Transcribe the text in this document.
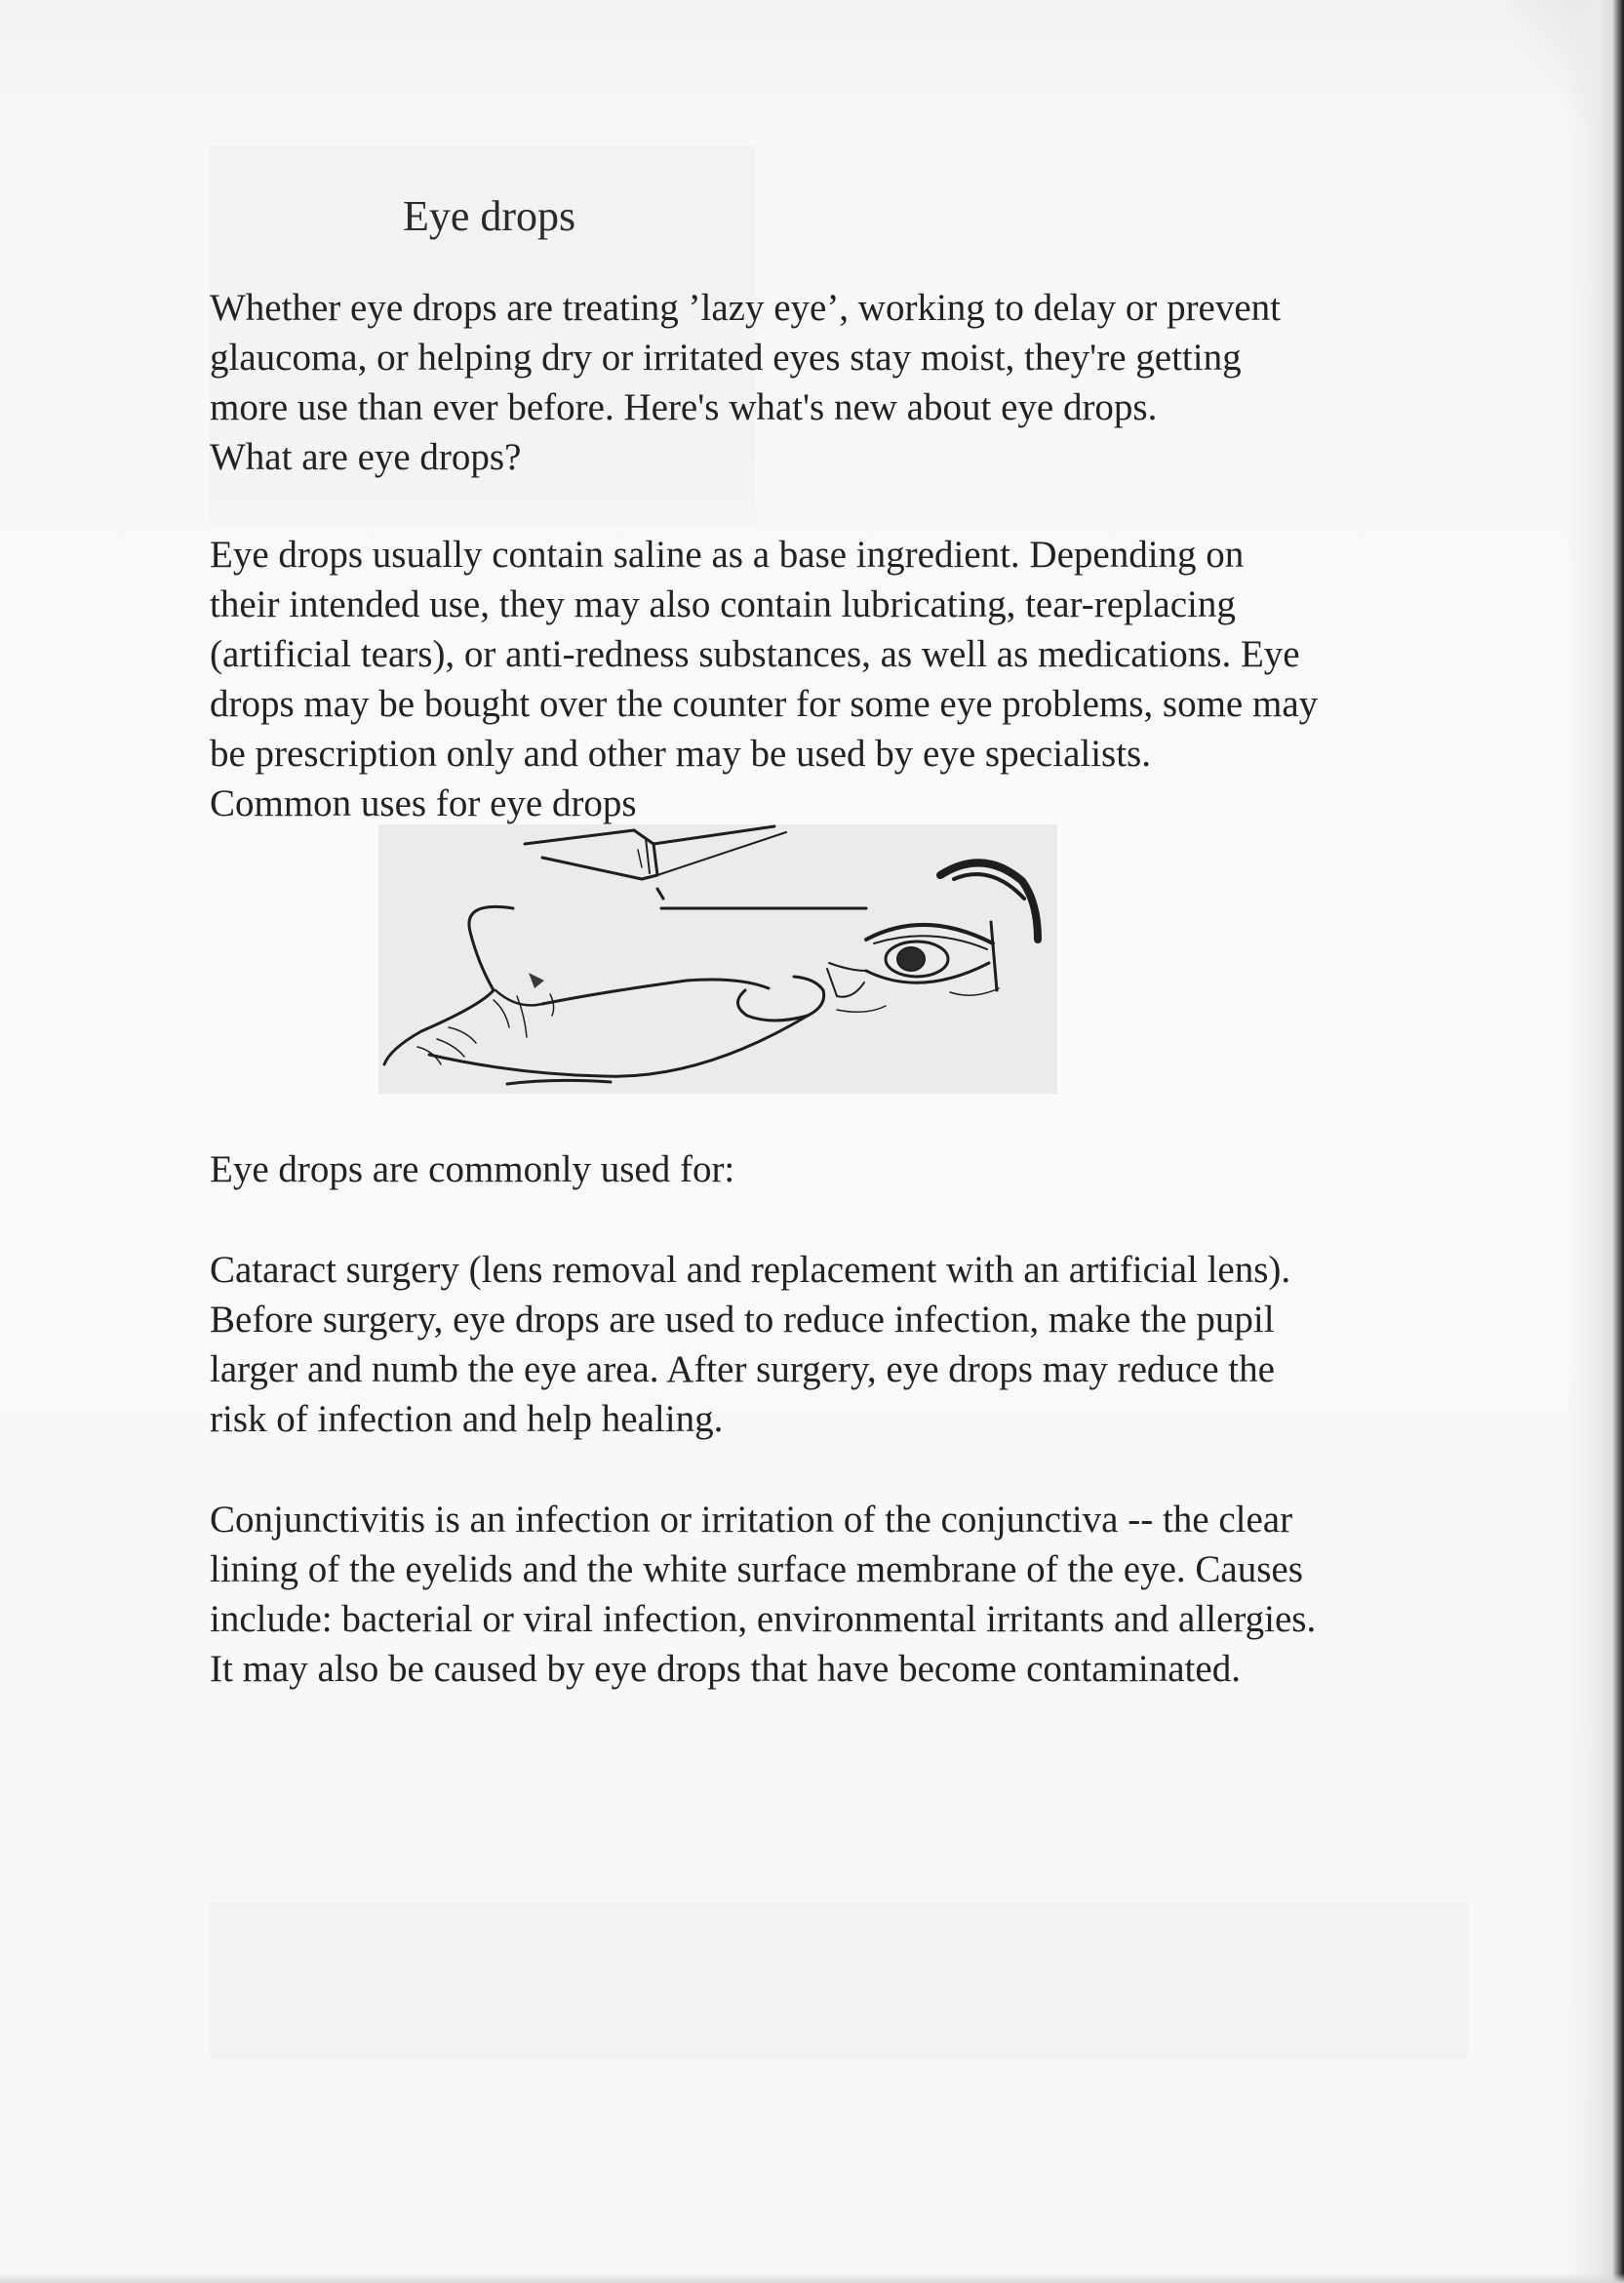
Eye drops

Whether eye drops are treating ’lazy eye’, working to delay or prevent

glaucoma, or helping dry or irritated eyes stay moist, they're getting

more use than ever before. Here's what's new about eye drops.

What are eye drops?

Eye drops usually contain saline as a base ingredient. Depending on

their intended use, they may also contain lubricating, tear-replacing

(artificial tears), or anti-redness substances, as well as medications. Eye

drops may be bought over the counter for some eye problems, some may

be prescription only and other may be used by eye specialists.

Common uses for eye drops

Eye drops are commonly used for:

Cataract surgery (lens removal and replacement with an artificial lens).

Before surgery, eye drops are used to reduce infection, make the pupil

larger and numb the eye area. After surgery, eye drops may reduce the

risk of infection and help healing.

Conjunctivitis is an infection or irritation of the conjunctiva -- the clear

lining of the eyelids and the white surface membrane of the eye. Causes

include: bacterial or viral infection, environmental irritants and allergies.

It may also be caused by eye drops that have become contaminated.
